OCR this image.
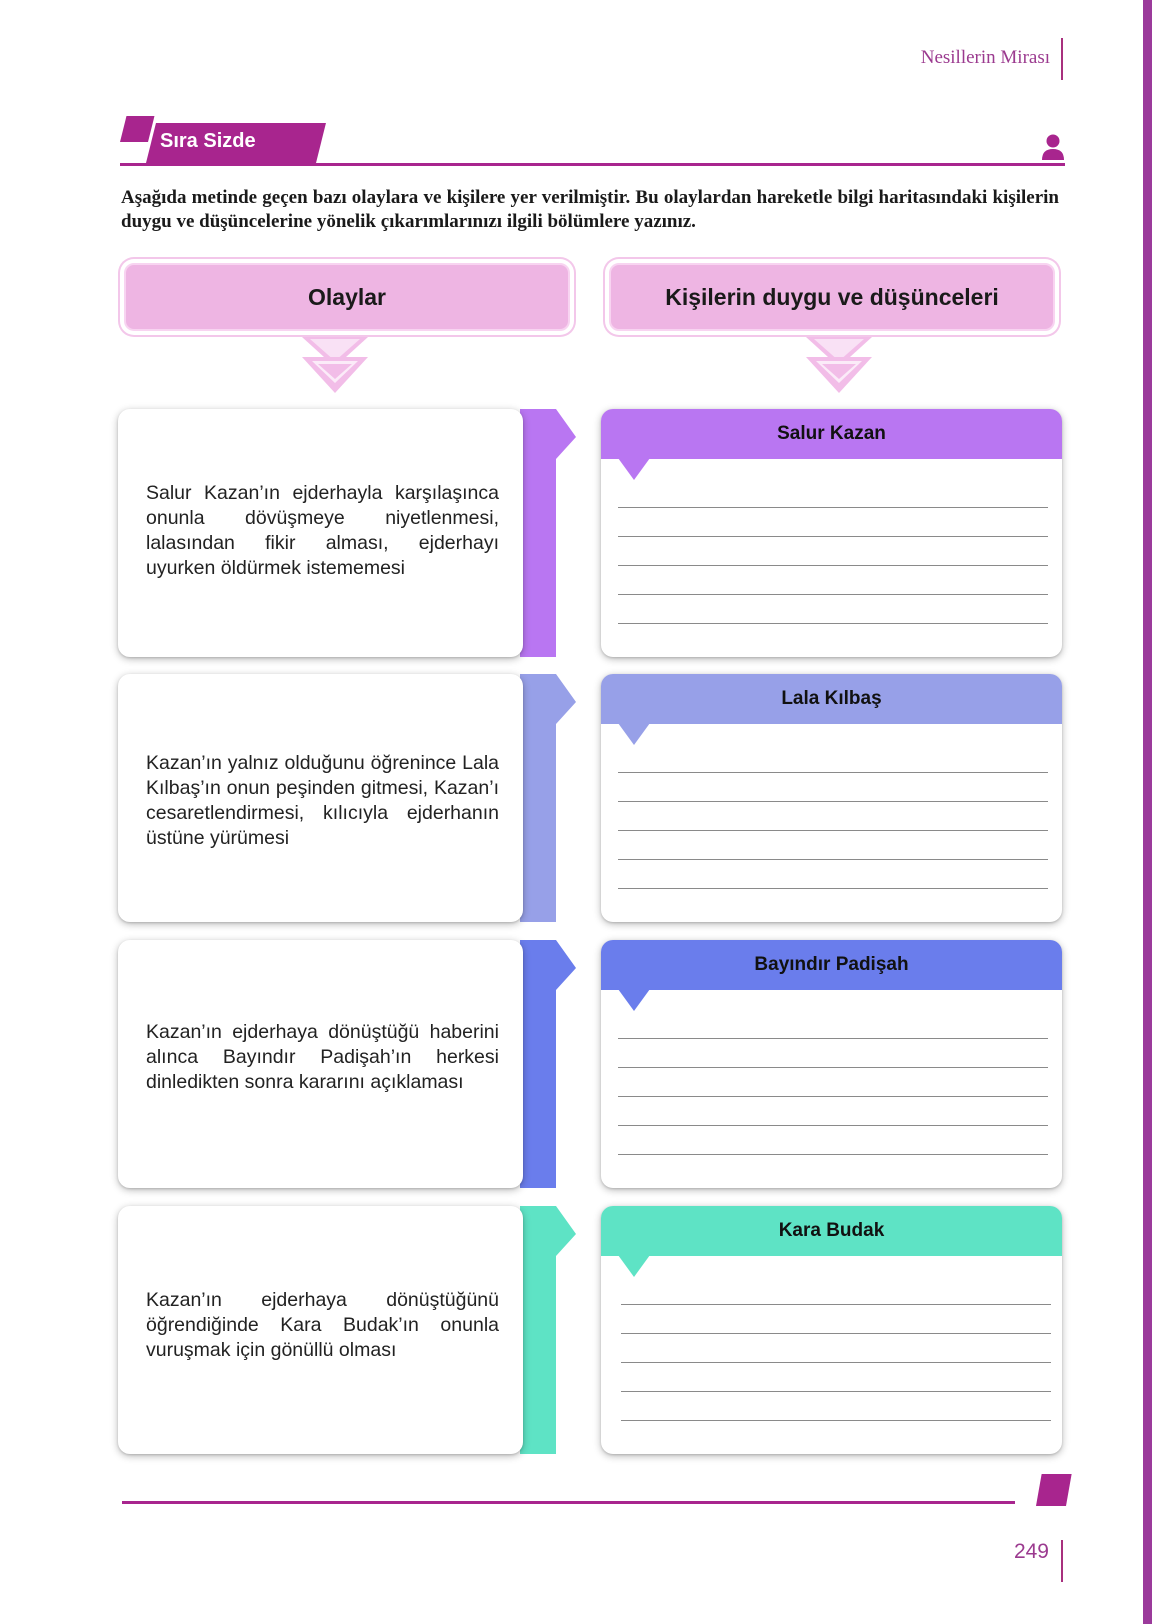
Nesillerin Mirası
Sıra Sizde
Aşağıda metinde geçen bazı olaylara ve kişilere yer verilmiştir. Bu olaylardan hareketle bilgi haritasındaki kişilerin duygu ve düşüncelerine yönelik çıkarımlarınızı ilgili bölümlere yazınız.
Olaylar	Kişilerin duygu ve düşünceleri
Salur Kazan’ın ejderhayla karşılaşınca onunla dövüşmeye niyetlenmesi, lalasından fikir alması, ejderhayı uyurken öldürmek istememesi
Salur Kazan
Kazan’ın yalnız olduğunu öğrenince Lala Kılbaş’ın onun peşinden gitmesi, Kazan’ı cesaretlendirmesi, kılıcıyla ejderhanın üstüne yürümesi
Lala Kılbaş
Kazan’ın ejderhaya dönüştüğü haberini alınca Bayındır Padişah’ın herkesi dinledikten sonra kararını açıklaması
Bayındır Padişah
Kazan’ın ejderhaya dönüştüğünü öğrendiğinde Kara Budak’ın onunla vuruşmak için gönüllü olması
Kara Budak
249
